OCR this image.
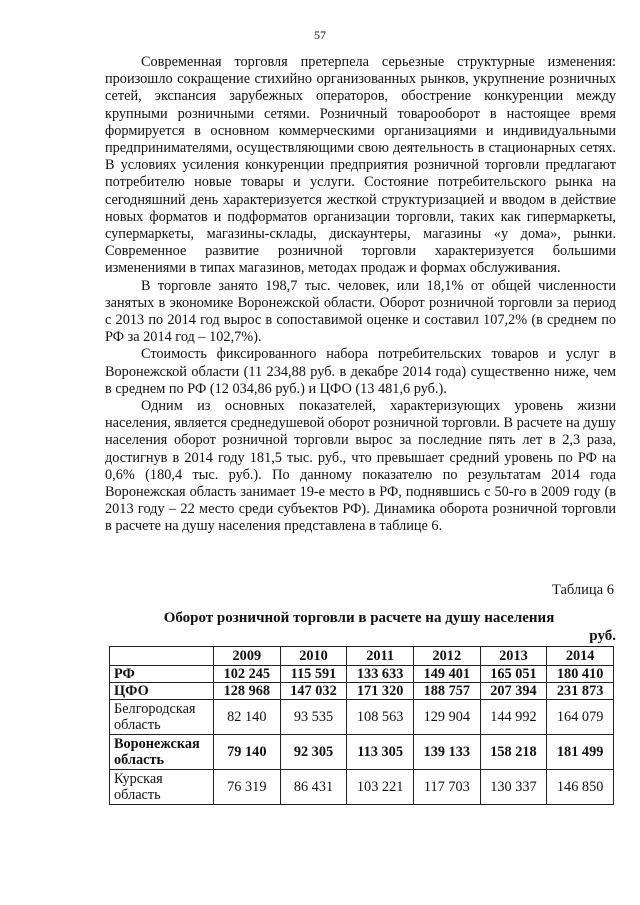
57

Современная торговля претерпела серьезные структурные изменения: произошло сокращение стихийно организованных рынков, укрупнение розничных сетей, экспансия зарубежных операторов, обострение конкуренции между крупными розничными сетями. Розничный товарооборот в настоящее время формируется в основном коммерческими организациями и индивидуальными предпринимателями, осуществляющими свою деятельность в стационарных сетях. В условиях усиления конкуренции предприятия розничной торговли предлагают потребителю новые товары и услуги. Состояние потребительского рынка на сегодняшний день характеризуется жесткой структуризацией и вводом в действие новых форматов и подформатов организации торговли, таких как гипермаркеты, супермаркеты, магазины-склады, дискаунтеры, магазины «у дома», рынки. Современное развитие розничной торговли характеризуется большими изменениями в типах магазинов, методах продаж и формах обслуживания.

В торговле занято 198,7 тыс. человек, или 18,1% от общей численности занятых в экономике Воронежской области. Оборот розничной торговли за период с 2013 по 2014 год вырос в сопоставимой оценке и составил 107,2% (в среднем по РФ за 2014 год – 102,7%).

Стоимость фиксированного набора потребительских товаров и услуг в Воронежской области (11 234,88 руб. в декабре 2014 года) существенно ниже, чем в среднем по РФ (12 034,86 руб.) и ЦФО (13 481,6 руб.).

Одним из основных показателей, характеризующих уровень жизни населения, является среднедушевой оборот розничной торговли. В расчете на душу населения оборот розничной торговли вырос за последние пять лет в 2,3 раза, достигнув в 2014 году 181,5 тыс. руб., что превышает средний уровень по РФ на 0,6% (180,4 тыс. руб.). По данному показателю по результатам 2014 года Воронежская область занимает 19-е место в РФ, поднявшись с 50-го в 2009 году (в 2013 году – 22 место среди субъектов РФ). Динамика оборота розничной торговли в расчете на душу населения представлена в таблице 6.

Таблица 6
Оборот розничной торговли в расчете на душу населения
руб.
	2009	2010	2011	2012	2013	2014
РФ	102 245	115 591	133 633	149 401	165 051	180 410
ЦФО	128 968	147 032	171 320	188 757	207 394	231 873
Белгородская область	82 140	93 535	108 563	129 904	144 992	164 079
Воронежская область	79 140	92 305	113 305	139 133	158 218	181 499
Курская область	76 319	86 431	103 221	117 703	130 337	146 850
